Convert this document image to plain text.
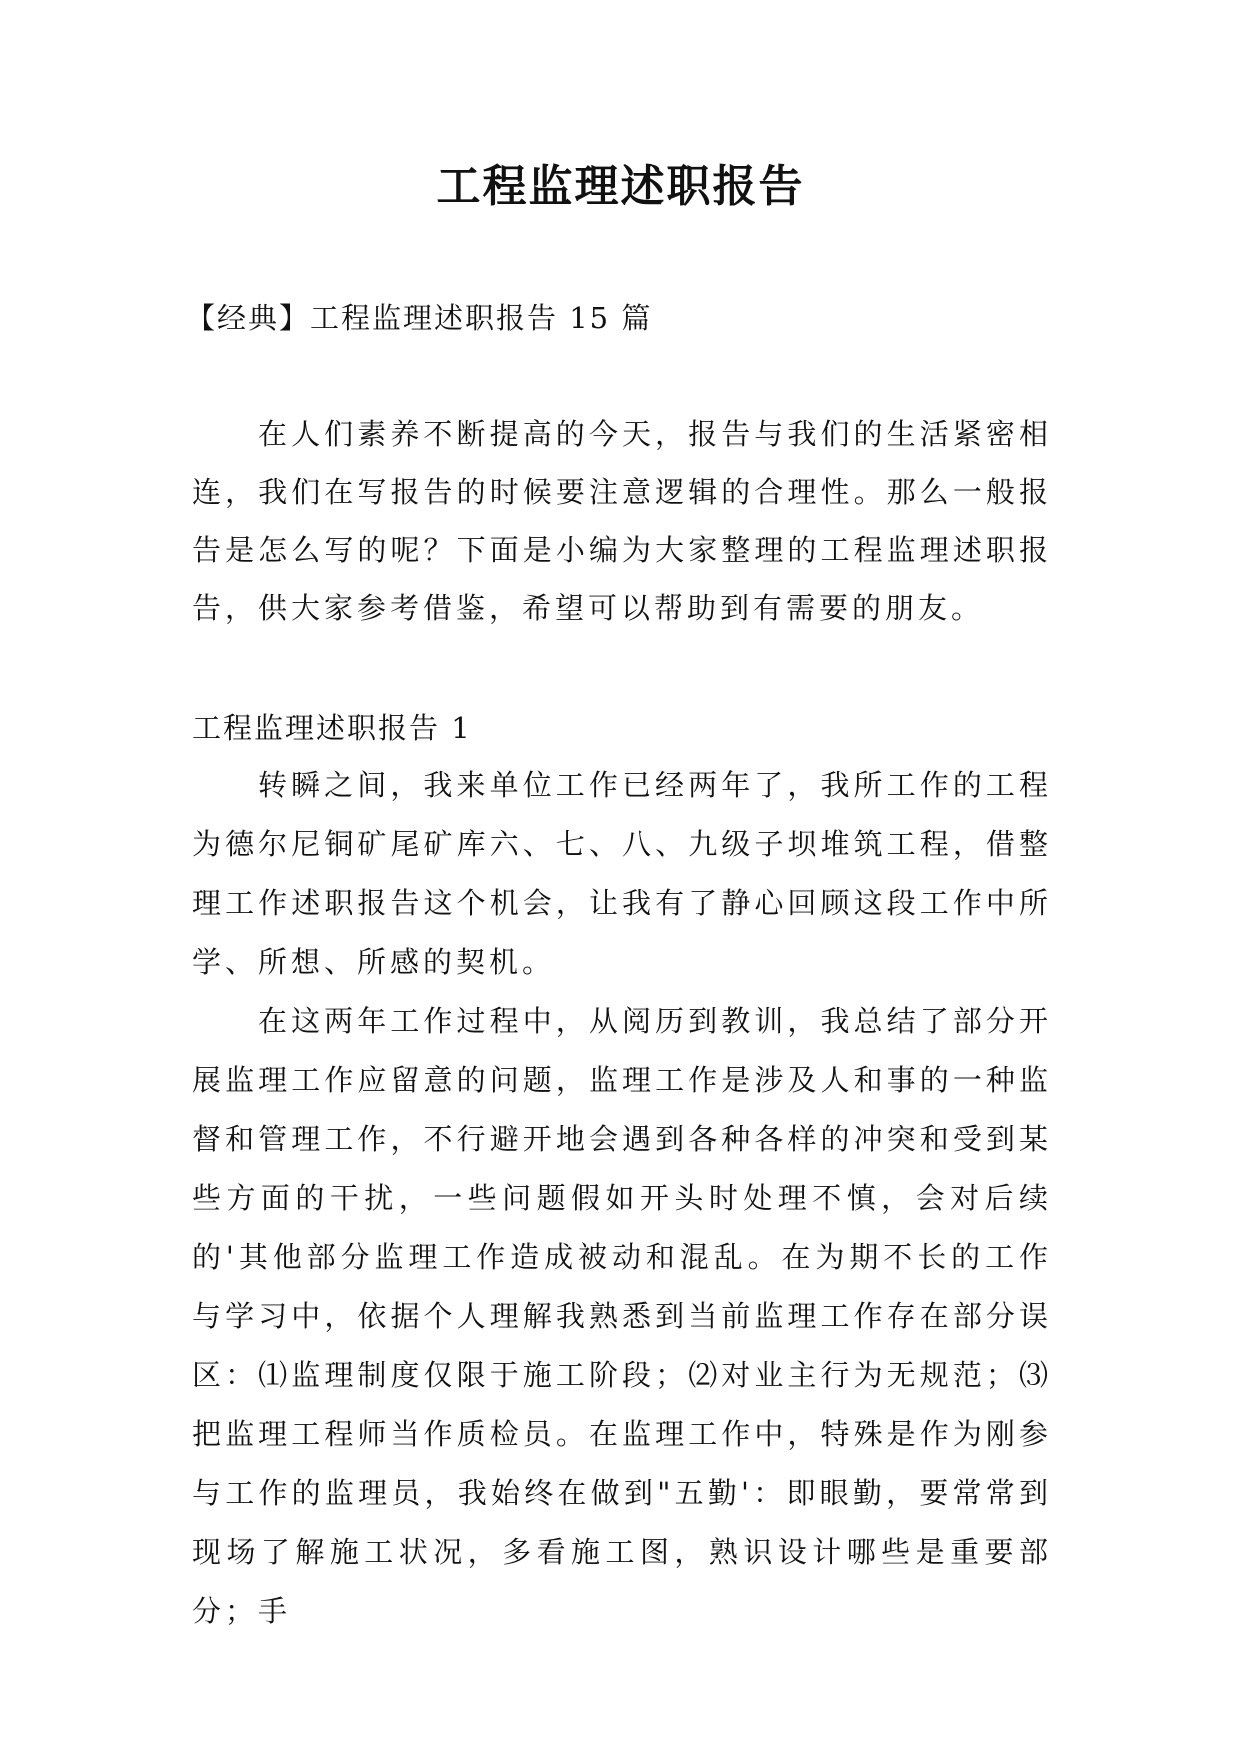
工程监理述职报告
【经典】工程监理述职报告 15 篇

在人们素养不断提高的今天，报告与我们的生活紧密相连，我们在写报告的时候要注意逻辑的合理性。那么一般报告是怎么写的呢？下面是小编为大家整理的工程监理述职报告，供大家参考借鉴，希望可以帮助到有需要的朋友。

工程监理述职报告 1

转瞬之间，我来单位工作已经两年了，我所工作的工程为德尔尼铜矿尾矿库六、七、八、九级子坝堆筑工程，借整理工作述职报告这个机会，让我有了静心回顾这段工作中所学、所想、所感的契机。

在这两年工作过程中，从阅历到教训，我总结了部分开展监理工作应留意的问题，监理工作是涉及人和事的一种监督和管理工作，不行避开地会遇到各种各样的冲突和受到某些方面的干扰，一些问题假如开头时处理不慎，会对后续的'其他部分监理工作造成被动和混乱。在为期不长的工作与学习中，依据个人理解我熟悉到当前监理工作存在部分误区：⑴监理制度仅限于施工阶段；⑵对业主行为无规范；⑶把监理工程师当作质检员。在监理工作中，特殊是作为刚参与工作的监理员，我始终在做到"五勤'：即眼勤，要常常到现场了解施工状况，多看施工图，熟识设计哪些是重要部分；手
